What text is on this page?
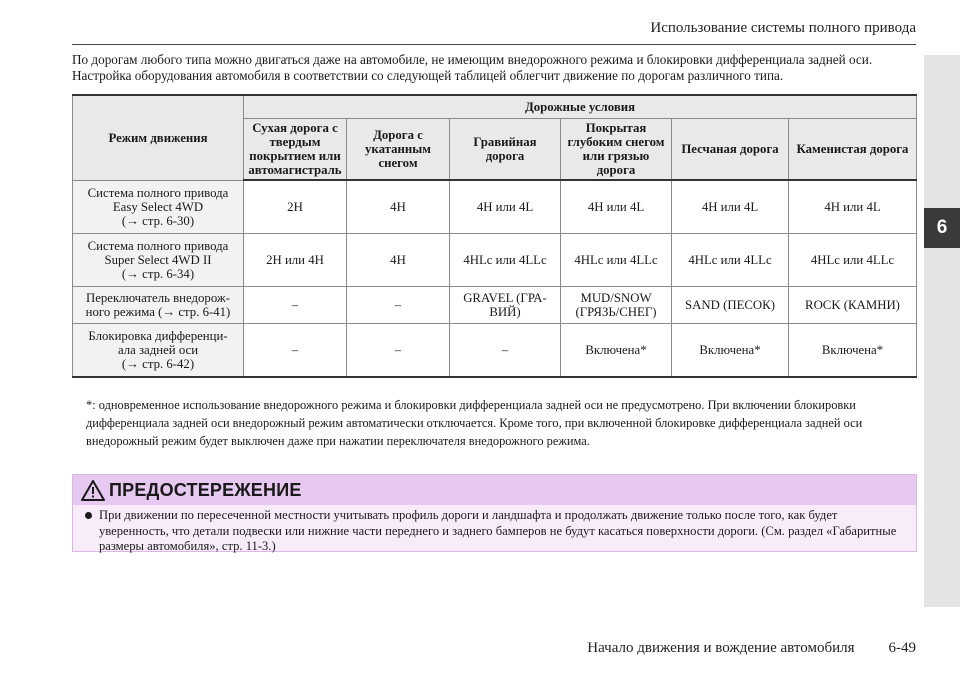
Использование системы полного привода
6

По дорогам любого типа можно двигаться даже на автомобиле, не имеющим внедорожного режима и блокировки дифференциала задней оси.

Настройка оборудования автомобиля в соответствии со следующей таблицей облегчит движение по дорогам различного типа.

Режим движения	Дорожные условия					
	Сухая дорога с твердым покрытием или автомагистраль	Дорога с укатанным снегом	Гравийная дорога	Покрытая глубоким снегом или грязью дорога	Песчаная дорога	Каменистая дорога

Система полного привода
Easy Select 4WD
(→ стр. 6-30)	2H	4H	4H или 4L	4H или 4L	4H или 4L	4H или 4L

Система полного привода
Super Select 4WD II
(→ стр. 6-34)	2H или 4H	4H	4HLc или 4LLc	4HLc или 4LLc	4HLc или 4LLc	4HLc или 4LLc

Переключатель внедорож-
ного режима (→ стр. 6-41)	–	–	GRAVEL (ГРА-ВИЙ)	MUD/SNOW (ГРЯЗЬ/СНЕГ)	SAND (ПЕСОК)	ROCK (КАМНИ)

Блокировка дифференци-
ала задней оси
(→ стр. 6-42)	–	–	–	Включена*	Включена*	Включена*

*: одновременное использование внедорожного режима и блокировки дифференциала задней оси не предусмотрено. При включении блокировки дифференциала задней оси внедорожный режим автоматически отключается. Кроме того, при включенной блокировке дифференциала задней оси внедорожный режим будет выключен даже при нажатии переключателя внедорожного режима.

ПРЕДОСТЕРЕЖЕНИЕ
При движении по пересеченной местности учитывать профиль дороги и ландшафта и продолжать движение только после того, как будет уверенность, что детали подвески или нижние части переднего и заднего бамперов не будут касаться поверхности дороги. (См. раздел «Габаритные размеры автомобиля», стр. 11-3.)
Начало движения и вождение автомобиля 6-49
